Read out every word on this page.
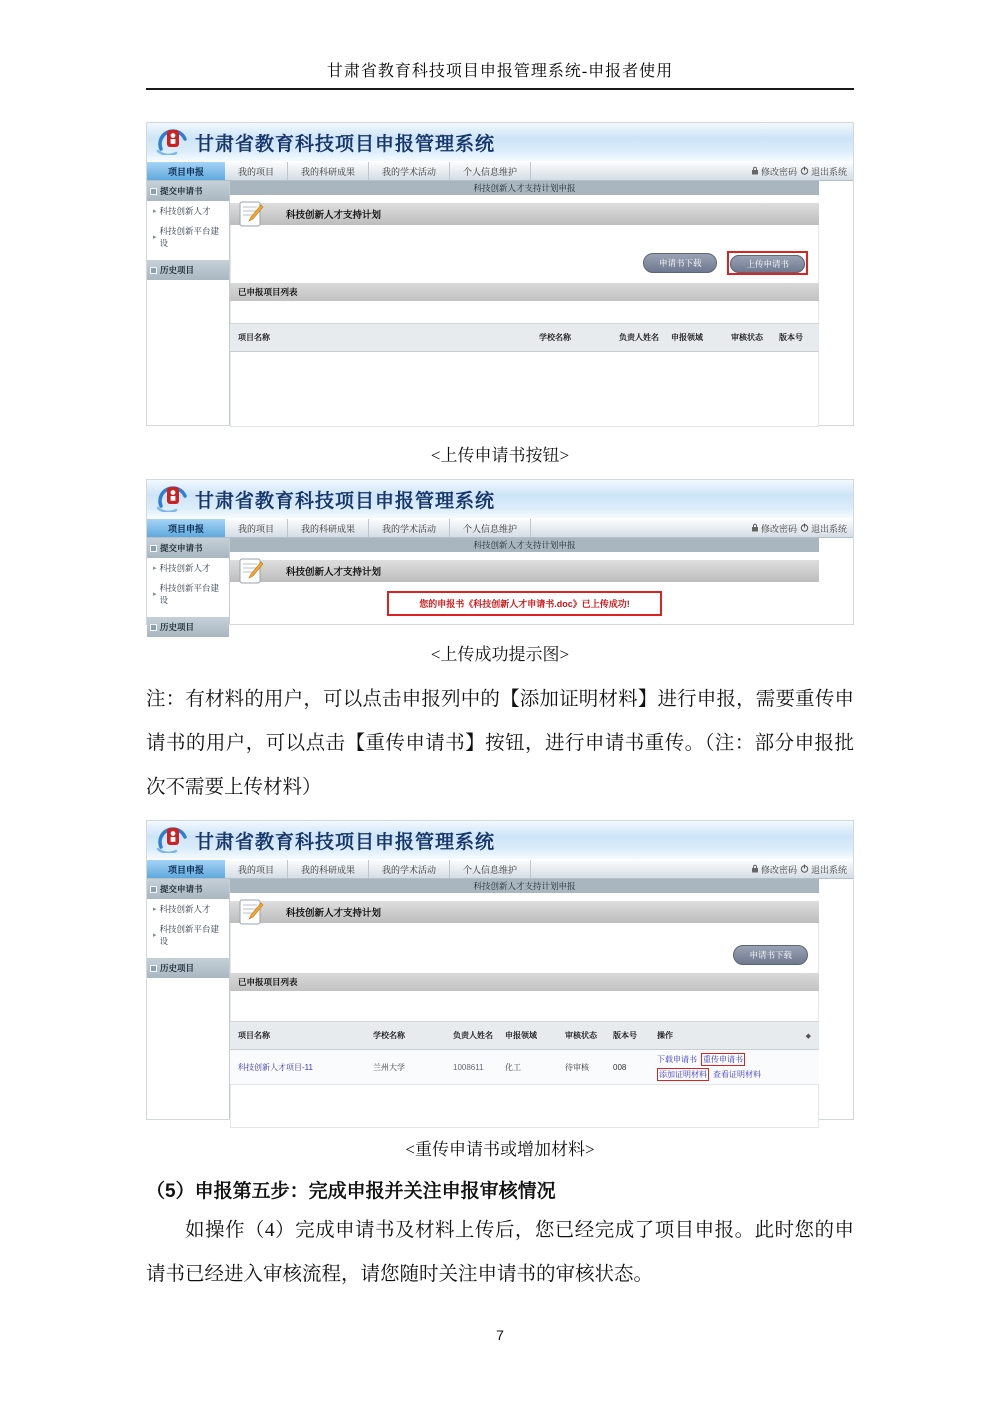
甘肃省教育科技项目申报管理系统-申报者使用
甘肃省教育科技项目申报管理系统
项目申报	我的项目	我的科研成果	我的学术活动	个人信息维护	修改密码 退出系统
提交申请书
▸ 科技创新人才
▸
科技创新平台建设
历史项目
科技创新人才支持计划申报
科技创新人才支持计划
申请书下载	上传申请书
已申报项目列表
项目名称	学校名称	负责人姓名	申报领域	审核状态	版本号
<上传申请书按钮>
甘肃省教育科技项目申报管理系统
项目申报	我的项目	我的科研成果	我的学术活动	个人信息维护	修改密码 退出系统
提交申请书
▸ 科技创新人才
▸
科技创新平台建设
历史项目
科技创新人才支持计划申报
科技创新人才支持计划
您的申报书《科技创新人才申请书.doc》已上传成功!
<上传成功提示图>
注：有材料的用户，可以点击申报列中的【添加证明材料】进行申报，需要重传申请书的用户，可以点击【重传申请书】按钮，进行申请书重传。（注：部分申报批次不需要上传材料）
甘肃省教育科技项目申报管理系统
项目申报	我的项目	我的科研成果	我的学术活动	个人信息维护	修改密码 退出系统
提交申请书
▸ 科技创新人才
▸
科技创新平台建设
历史项目
科技创新人才支持计划申报
科技创新人才支持计划
申请书下载
已申报项目列表
项目名称	学校名称	负责人姓名	申报领域	审核状态	版本号	操作	◆
科技创新人才项目-11	兰州大学	1008611	化工	待审核	008
下载申请书 重传申请书
添加证明材料 查看证明材料
<重传申请书或增加材料>
（5）申报第五步：完成申报并关注申报审核情况
如操作（4）完成申请书及材料上传后，您已经完成了项目申报。此时您的申请书已经进入审核流程，请您随时关注申请书的审核状态。
7
